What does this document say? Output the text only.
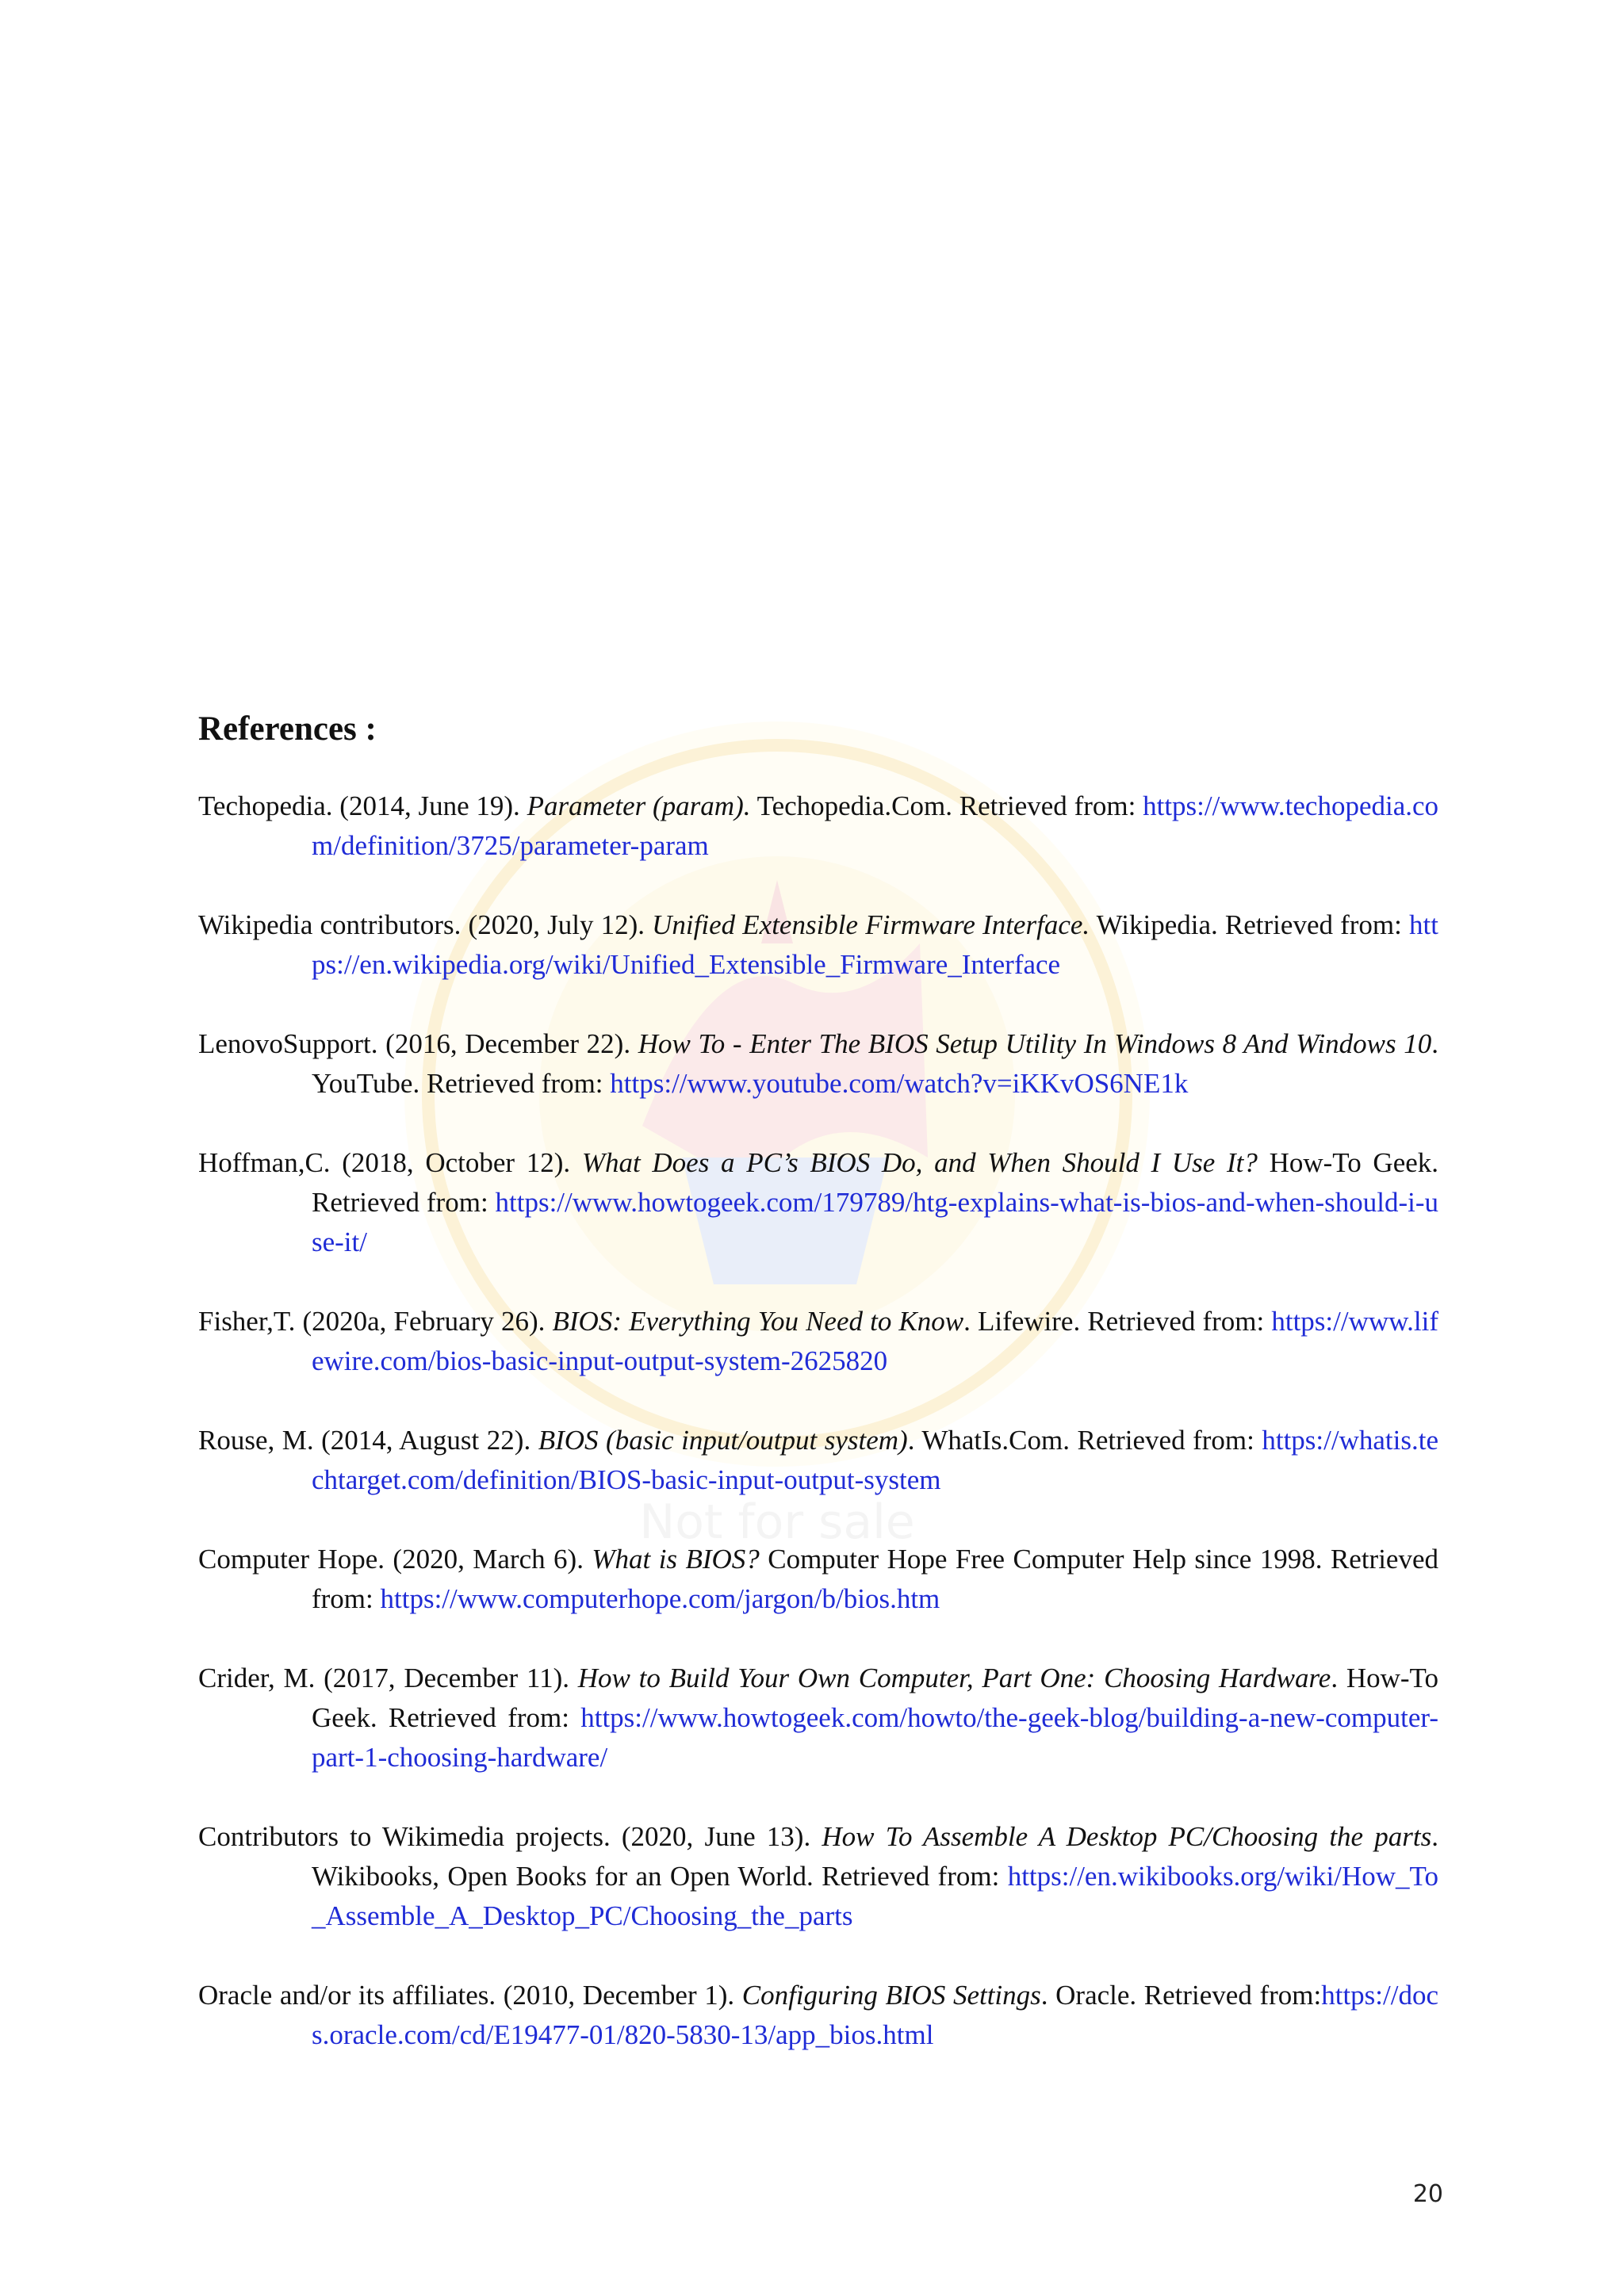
Not for sale
References :

Techopedia. (2014, June 19). Parameter (param). Techopedia.Com. Retrieved from: https://www.techopedia.com/definition/3725/parameter-param

Wikipedia contributors. (2020, July 12). Unified Extensible Firmware Interface. Wikipedia. Retrieved from: https://en.wikipedia.org/wiki/Unified_Extensible_Firmware_Interface

LenovoSupport. (2016, December 22). How To - Enter The BIOS Setup Utility In Windows 8 And Windows 10. YouTube. Retrieved from: https://www.youtube.com/watch?v=iKKvOS6NE1k

Hoffman,C. (2018, October 12). What Does a PC’s BIOS Do, and When Should I Use It? How-To Geek. Retrieved from: https://www.howtogeek.com/179789/htg-explains-what-is-bios-and-when-should-i-use-it/

Fisher,T. (2020a, February 26). BIOS: Everything You Need to Know. Lifewire. Retrieved from: https://www.lifewire.com/bios-basic-input-output-system-2625820

Rouse, M. (2014, August 22). BIOS (basic input/output system). WhatIs.Com. Retrieved from: https://whatis.techtarget.com/definition/BIOS-basic-input-output-system

Computer Hope. (2020, March 6). What is BIOS? Computer Hope Free Computer Help since 1998. Retrieved from: https://www.computerhope.com/jargon/b/bios.htm

Crider, M. (2017, December 11). How to Build Your Own Computer, Part One: Choosing Hardware. How-To Geek. Retrieved from: https://www.howtogeek.com/howto/the-geek-blog/building-a-new-computer-part-1-choosing-hardware/

Contributors to Wikimedia projects. (2020, June 13). How To Assemble A Desktop PC/Choosing the parts. Wikibooks, Open Books for an Open World. Retrieved from: https://en.wikibooks.org/wiki/How_To_Assemble_A_Desktop_PC/Choosing_the_parts

Oracle and/or its affiliates. (2010, December 1). Configuring BIOS Settings. Oracle. Retrieved from:https://docs.oracle.com/cd/E19477-01/820-5830-13/app_bios.html

20
